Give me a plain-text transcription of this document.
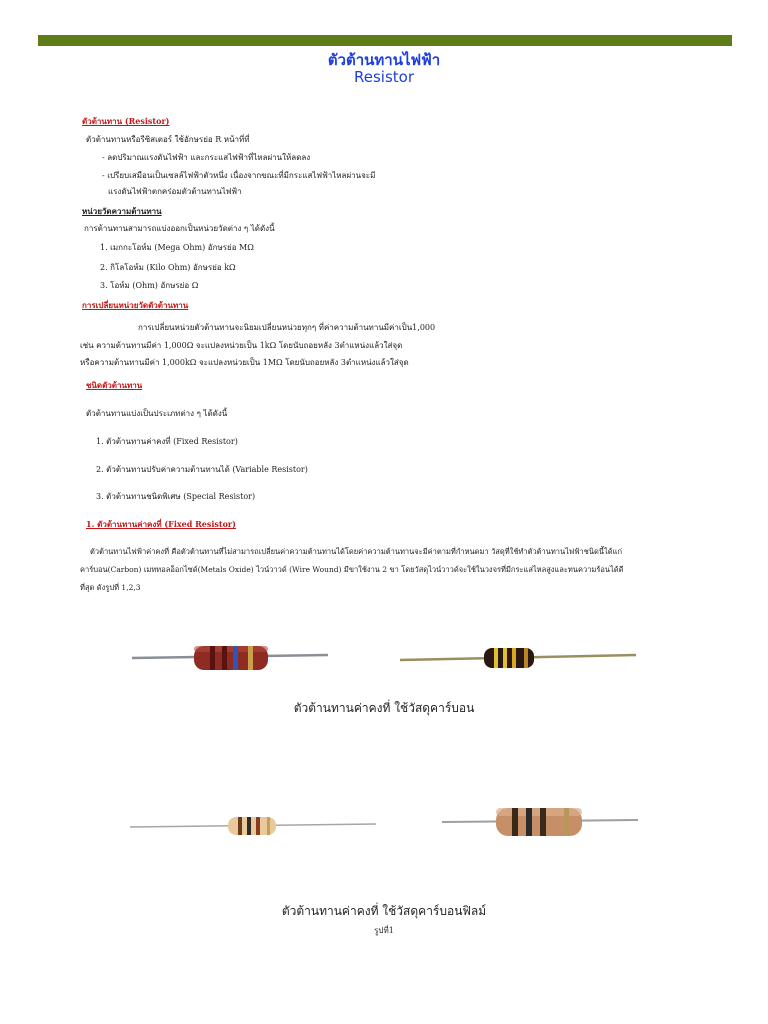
ตัวต้านทานไฟฟ้า
Resistor
ตัวต้านทาน (Resistor)
ตัวต้านทานหรือรีซิสเตอร์ ใช้อักษรย่อ R หน้าที่ที่
- ลดปริมาณแรงดันไฟฟ้า และกระแสไฟฟ้าที่ไหลผ่านให้ลดลง
- เปรียบเสมือนเป็นเซลล์ไฟฟ้าตัวหนึ่ง เนื่องจากขณะที่มีกระแสไฟฟ้าไหลผ่านจะมี
แรงดันไฟฟ้าตกคร่อมตัวต้านทานไฟฟ้า
หน่วยวัดความต้านทาน
การต้านทานสามารถแบ่งออกเป็นหน่วยวัดต่าง ๆ ได้ดังนี้
1. เมกกะโอห์ม (Mega Ohm) อักษรย่อ MΩ
2. กิโลโอห์ม (Kilo Ohm) อักษรย่อ kΩ
3. โอห์ม (Ohm) อักษรย่อ Ω
การเปลี่ยนหน่วยวัดตัวต้านทาน
การเปลี่ยนหน่วยตัวต้านทานจะนิยมเปลี่ยนหน่วยทุกๆ ที่ค่าความต้านทานมีค่าเป็น1,000
เช่น ความต้านทานมีค่า 1,000Ω จะแปลงหน่วยเป็น 1kΩ โดยนับถอยหลัง 3ตำแหน่งแล้วใส่จุด
หรือความต้านทานมีค่า 1,000kΩ จะแปลงหน่วยเป็น 1MΩ โดยนับถอยหลัง 3ตำแหน่งแล้วใส่จุด
ชนิดตัวต้านทาน
ตัวต้านทานแบ่งเป็นประเภทต่าง ๆ ได้ดังนี้
1. ตัวต้านทานค่าคงที่ (Fixed Resistor)
2. ตัวต้านทานปรับค่าความต้านทานได้ (Variable Resistor)
3. ตัวต้านทานชนิดพิเศษ (Special Resistor)
1. ตัวต้านทานค่าคงที่ (Fixed Resistor)
ตัวต้านทานไฟฟ้าค่าคงที่ คือตัวต้านทานที่ไม่สามารถเปลี่ยนค่าความต้านทานได้โดยค่าความต้านทานจะมีค่าตามที่กำหนดมา วัสดุที่ใช้ทำตัวต้านทานไฟฟ้าชนิดนี้ได้แก่
คาร์บอน(Carbon) เมททอลอ็อกไซด์(Metals Oxide) ไวน์วาวด์ (Wire Wound) มีขาใช้งาน 2 ขา โดยวัสดุไวน์วาวด์จะใช้ในวงจรที่มีกระแสไหลสูงและทนความร้อนได้ดี
ที่สุด ดังรูปที่ 1,2,3
ตัวต้านทานค่าคงที่ ใช้วัสดุคาร์บอน
ตัวต้านทานค่าคงที่ ใช้วัสดุคาร์บอนฟิลม์
รูปที่1
